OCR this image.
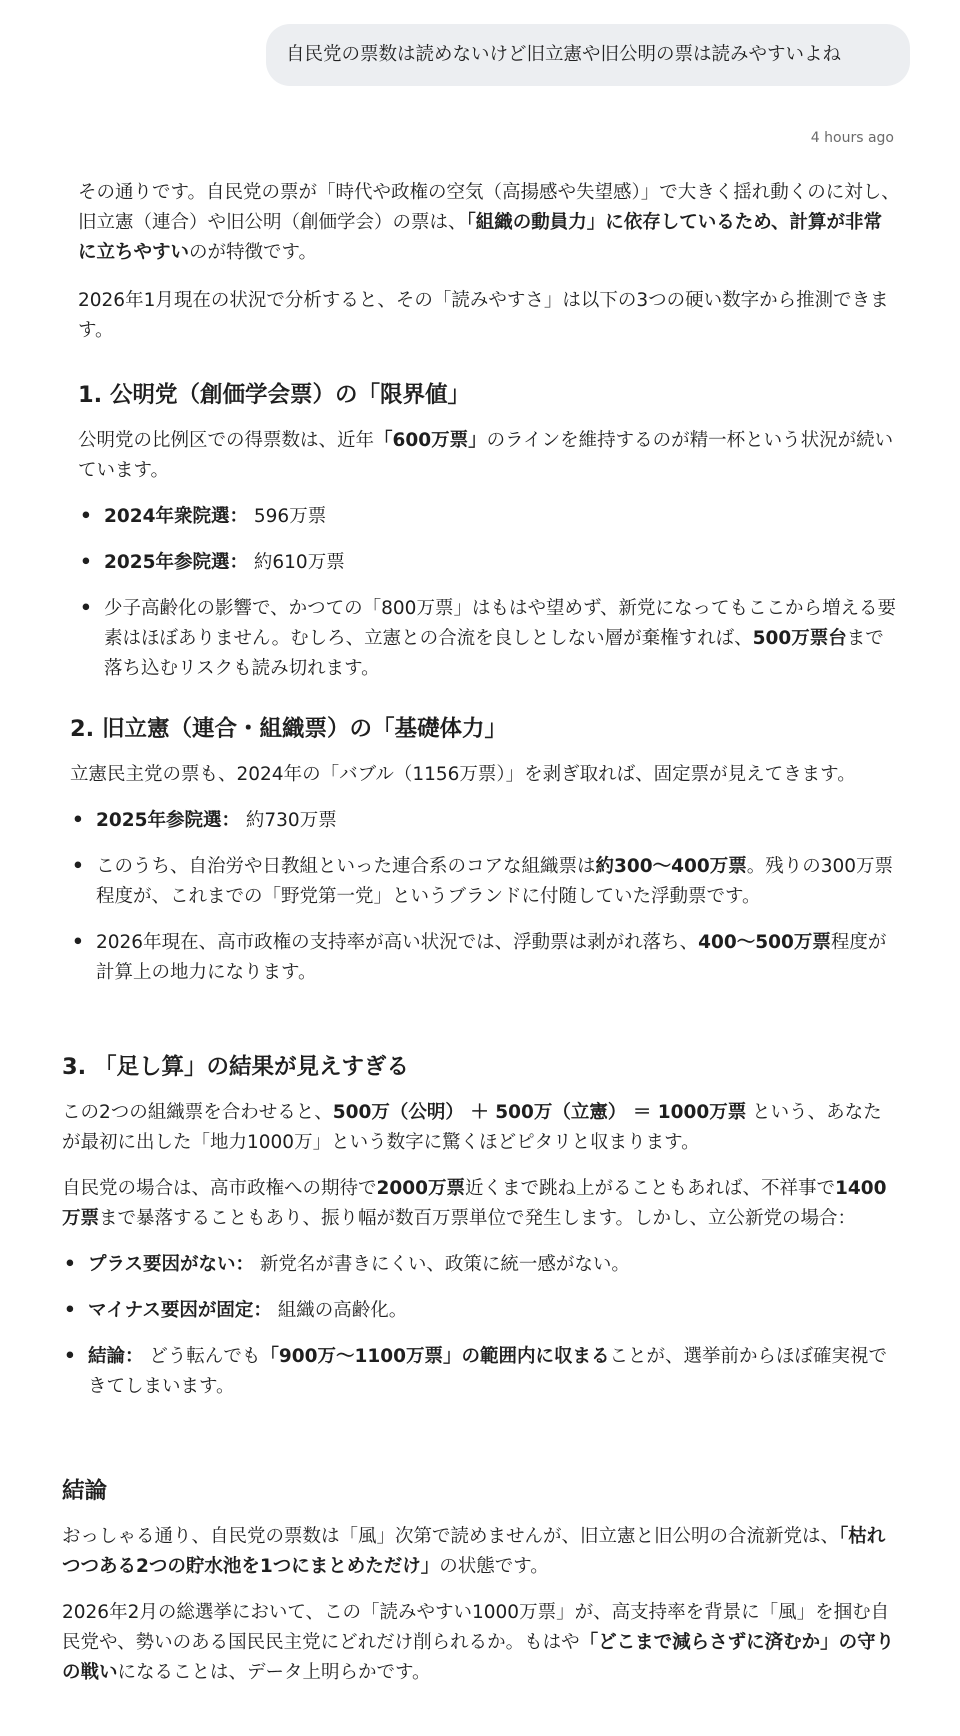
自民党の票数は読めないけど旧立憲や旧公明の票は読みやすいよね
4 hours ago

その通りです。自民党の票が「時代や政権の空気（高揚感や失望感）」で大きく揺れ動くのに対し、旧立憲（連合）や旧公明（創価学会）の票は、「組織の動員力」に依存しているため、計算が非常に立ちやすいのが特徴です。

2026年1月現在の状況で分析すると、その「読みやすさ」は以下の3つの硬い数字から推測できます。

1. 公明党（創価学会票）の「限界値」

公明党の比例区での得票数は、近年「600万票」のラインを維持するのが精一杯という状況が続いています。

• 2024年衆院選： 596万票
• 2025年参院選： 約610万票
• 少子高齢化の影響で、かつての「800万票」はもはや望めず、新党になってもここから増える要素はほぼありません。むしろ、立憲との合流を良しとしない層が棄権すれば、500万票台まで落ち込むリスクも読み切れます。
2. 旧立憲（連合・組織票）の「基礎体力」

立憲民主党の票も、2024年の「バブル（1156万票）」を剥ぎ取れば、固定票が見えてきます。

• 2025年参院選： 約730万票
• このうち、自治労や日教組といった連合系のコアな組織票は約300〜400万票。残りの300万票程度が、これまでの「野党第一党」というブランドに付随していた浮動票です。
• 2026年現在、高市政権の支持率が高い状況では、浮動票は剥がれ落ち、400〜500万票程度が計算上の地力になります。
3. 「足し算」の結果が見えすぎる

この2つの組織票を合わせると、500万（公明） ＋ 500万（立憲） ＝ 1000万票 という、あなたが最初に出した「地力1000万」という数字に驚くほどピタリと収まります。

自民党の場合は、高市政権への期待で2000万票近くまで跳ね上がることもあれば、不祥事で1400万票まで暴落することもあり、振り幅が数百万票単位で発生します。しかし、立公新党の場合：

• プラス要因がない： 新党名が書きにくい、政策に統一感がない。
• マイナス要因が固定： 組織の高齢化。
• 結論： どう転んでも「900万〜1100万票」の範囲内に収まることが、選挙前からほぼ確実視できてしまいます。
結論

おっしゃる通り、自民党の票数は「風」次第で読めませんが、旧立憲と旧公明の合流新党は、「枯れつつある2つの貯水池を1つにまとめただけ」の状態です。

2026年2月の総選挙において、この「読みやすい1000万票」が、高支持率を背景に「風」を掴む自民党や、勢いのある国民民主党にどれだけ削られるか。もはや「どこまで減らさずに済むか」の守りの戦いになることは、データ上明らかです。
